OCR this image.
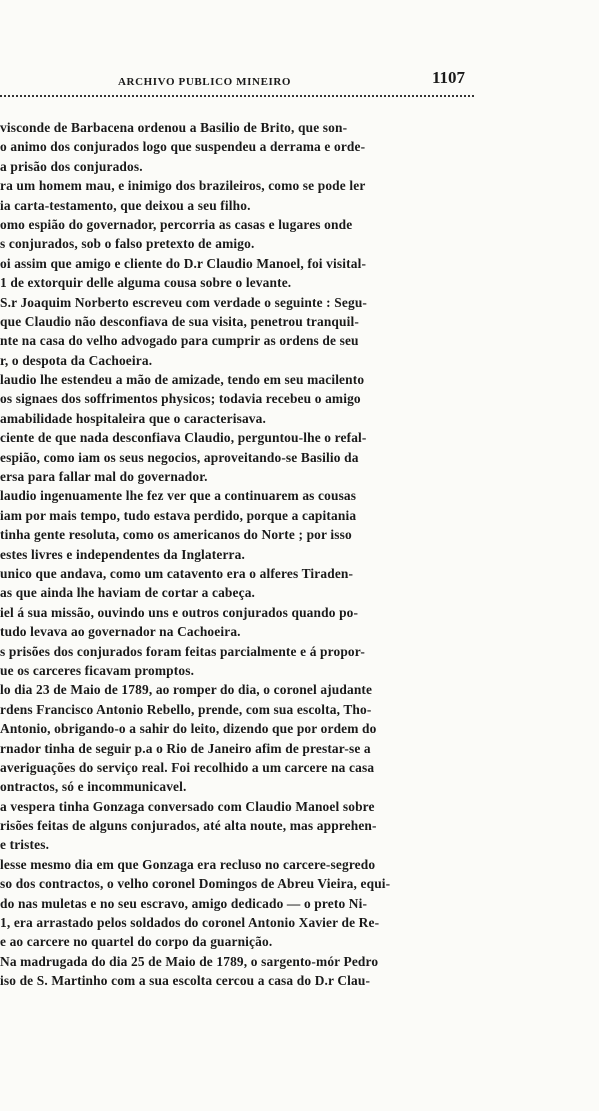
ARCHIVO PUBLICO MINEIRO	1107
visconde de Barbacena ordenou a Basilio de Brito, que son-
o animo dos conjurados logo que suspendeu a derrama e orde-
a prisão dos conjurados.
ra um homem mau, e inimigo dos brazileiros, como se pode ler
ia carta-testamento, que deixou a seu filho.
omo espião do governador, percorria as casas e lugares onde
s conjurados, sob o falso pretexto de amigo.
oi assim que amigo e cliente do D.r Claudio Manoel, foi visital-
1 de extorquir delle alguma cousa sobre o levante.
S.r Joaquim Norberto escreveu com verdade o seguinte : Segu-
que Claudio não desconfiava de sua visita, penetrou tranquil-
nte na casa do velho advogado para cumprir as ordens de seu
r, o despota da Cachoeira.
laudio lhe estendeu a mão de amizade, tendo em seu macilento
os signaes dos soffrimentos physicos; todavia recebeu o amigo
amabilidade hospitaleira que o caracterisava.
ciente de que nada desconfiava Claudio, perguntou-lhe o refal-
espião, como iam os seus negocios, aproveitando-se Basilio da
ersa para fallar mal do governador.
laudio ingenuamente lhe fez ver que a continuarem as cousas
iam por mais tempo, tudo estava perdido, porque a capitania
tinha gente resoluta, como os americanos do Norte ; por isso
estes livres e independentes da Inglaterra.
unico que andava, como um catavento era o alferes Tiraden-
as que ainda lhe haviam de cortar a cabeça.
iel á sua missão, ouvindo uns e outros conjurados quando po-
tudo levava ao governador na Cachoeira.
s prisões dos conjurados foram feitas parcialmente e á propor-
ue os carceres ficavam promptos.
lo dia 23 de Maio de 1789, ao romper do dia, o coronel ajudante
rdens Francisco Antonio Rebello, prende, com sua escolta, Tho-
Antonio, obrigando-o a sahir do leito, dizendo que por ordem do
rnador tinha de seguir p.a o Rio de Janeiro afim de prestar-se a
averiguações do serviço real. Foi recolhido a um carcere na casa
ontractos, só e incommunicavel.
a vespera tinha Gonzaga conversado com Claudio Manoel sobre
risões feitas de alguns conjurados, até alta noute, mas apprehen-
e tristes.
lesse mesmo dia em que Gonzaga era recluso no carcere-segredo
so dos contractos, o velho coronel Domingos de Abreu Vieira, equi-
do nas muletas e no seu escravo, amigo dedicado — o preto Ni-
1, era arrastado pelos soldados do coronel Antonio Xavier de Re-
e ao carcere no quartel do corpo da guarnição.
Na madrugada do dia 25 de Maio de 1789, o sargento-mór Pedro
iso de S. Martinho com a sua escolta cercou a casa do D.r Clau-
